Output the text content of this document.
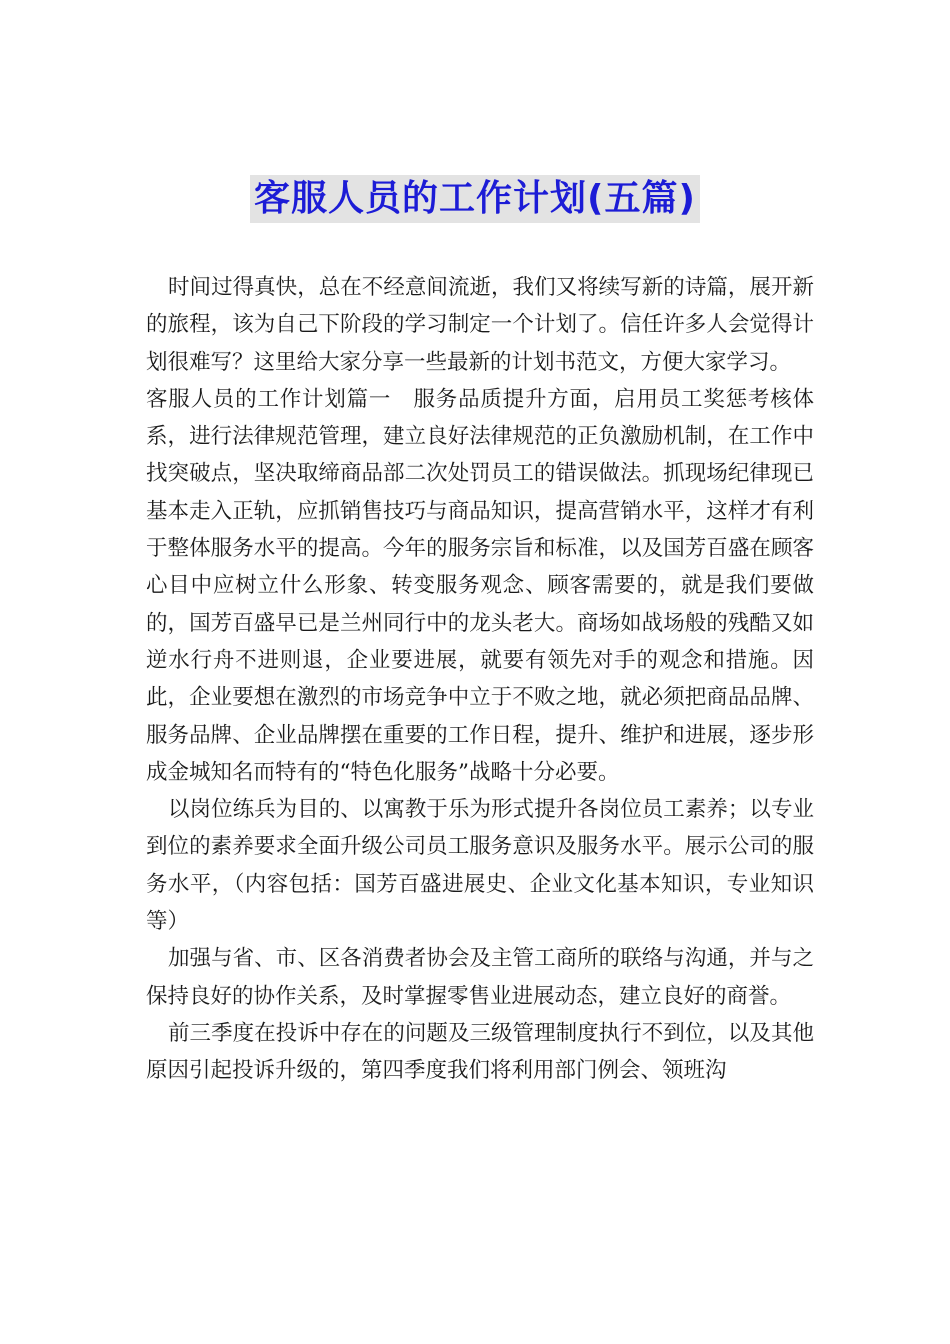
客服人员的工作计划(五篇)

时间过得真快，总在不经意间流逝，我们又将续写新的诗篇，展开新的旅程，该为自己下阶段的学习制定一个计划了。信任许多人会觉得计划很难写？这里给大家分享一些最新的计划书范文，方便大家学习。

客服人员的工作计划篇一　服务品质提升方面，启用员工奖惩考核体系，进行法律规范管理，建立良好法律规范的正负激励机制，在工作中找突破点，坚决取缔商品部二次处罚员工的错误做法。抓现场纪律现已基本走入正轨，应抓销售技巧与商品知识，提高营销水平，这样才有利于整体服务水平的提高。今年的服务宗旨和标准，以及国芳百盛在顾客心目中应树立什么形象、转变服务观念、顾客需要的，就是我们要做的，国芳百盛早已是兰州同行中的龙头老大。商场如战场般的残酷又如逆水行舟不进则退，企业要进展，就要有领先对手的观念和措施。因此，企业要想在激烈的市场竞争中立于不败之地，就必须把商品品牌、服务品牌、企业品牌摆在重要的工作日程，提升、维护和进展，逐步形成金城知名而特有的“特色化服务”战略十分必要。

以岗位练兵为目的、以寓教于乐为形式提升各岗位员工素养；以专业到位的素养要求全面升级公司员工服务意识及服务水平。展示公司的服务水平，（内容包括：国芳百盛进展史、企业文化基本知识，专业知识等）

加强与省、市、区各消费者协会及主管工商所的联络与沟通，并与之保持良好的协作关系，及时掌握零售业进展动态，建立良好的商誉。

前三季度在投诉中存在的问题及三级管理制度执行不到位，以及其他原因引起投诉升级的，第四季度我们将利用部门例会、领班沟
